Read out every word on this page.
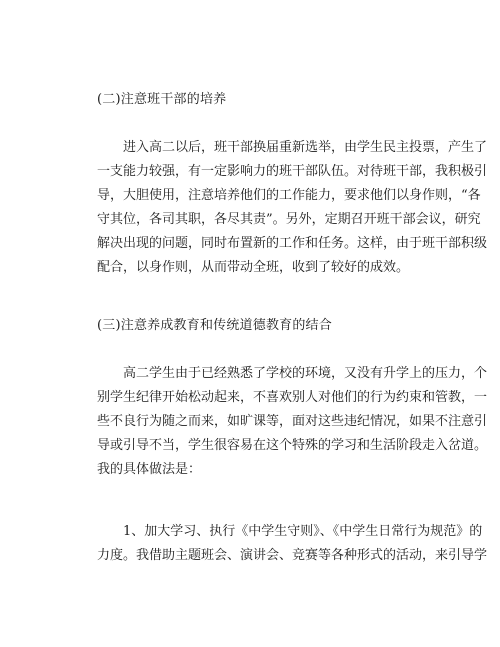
(二)注意班干部的培养
进入高二以后，班干部换届重新选举，由学生民主投票，产生了
一支能力较强，有一定影响力的班干部队伍。对待班干部，我积极引
导，大胆使用，注意培养他们的工作能力，要求他们以身作则，“各
守其位，各司其职，各尽其责”。另外，定期召开班干部会议，研究
解决出现的问题，同时布置新的工作和任务。这样，由于班干部积级
配合，以身作则，从而带动全班，收到了较好的成效。
(三)注意养成教育和传统道德教育的结合
高二学生由于已经熟悉了学校的环境，又没有升学上的压力，个
别学生纪律开始松动起来，不喜欢别人对他们的行为约束和管教，一
些不良行为随之而来，如旷课等，面对这些违纪情况，如果不注意引
导或引导不当，学生很容易在这个特殊的学习和生活阶段走入岔道。
我的具体做法是：
1、加大学习、执行《中学生守则》、《中学生日常行为规范》的
力度。我借助主题班会、演讲会、竞赛等各种形式的活动，来引导学
